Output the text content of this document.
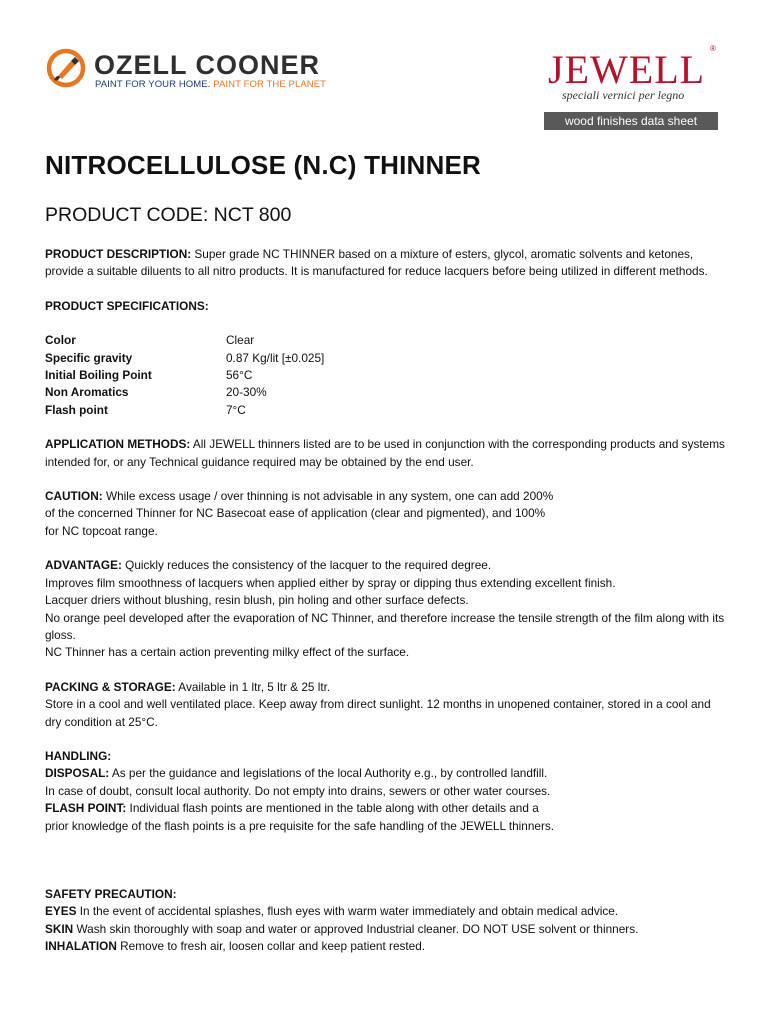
OZELL COONER
PAINT FOR YOUR HOME. PAINT FOR THE PLANET	JEWELL ®
speciali vernici per legno
wood finishes data sheet
NITROCELLULOSE (N.C) THINNER
PRODUCT CODE: NCT 800

PRODUCT DESCRIPTION: Super grade NC THINNER based on a mixture of esters, glycol, aromatic solvents and ketones, provide a suitable diluents to all nitro products. It is manufactured for reduce lacquers before being utilized in different methods.

PRODUCT SPECIFICATIONS:

Color	Clear
Specific gravity	0.87 Kg/lit [±0.025]
Initial Boiling Point	56°C
Non Aromatics	20-30%
Flash point	7°C

APPLICATION METHODS: All JEWELL thinners listed are to be used in conjunction with the corresponding products and systems intended for, or any Technical guidance required may be obtained by the end user.

CAUTION: While excess usage / over thinning is not advisable in any system, one can add 200%

of the concerned Thinner for NC Basecoat ease of application (clear and pigmented), and 100%

for NC topcoat range.

ADVANTAGE: Quickly reduces the consistency of the lacquer to the required degree.

Improves film smoothness of lacquers when applied either by spray or dipping thus extending excellent finish.

Lacquer driers without blushing, resin blush, pin holing and other surface defects.

No orange peel developed after the evaporation of NC Thinner, and therefore increase the tensile strength of the film along with its gloss.

NC Thinner has a certain action preventing milky effect of the surface.

PACKING & STORAGE: Available in 1 ltr, 5 ltr & 25 ltr.

Store in a cool and well ventilated place. Keep away from direct sunlight. 12 months in unopened container, stored in a cool and dry condition at 25°C.

HANDLING:

DISPOSAL: As per the guidance and legislations of the local Authority e.g., by controlled landfill.

In case of doubt, consult local authority. Do not empty into drains, sewers or other water courses.

FLASH POINT: Individual flash points are mentioned in the table along with other details and a

prior knowledge of the flash points is a pre requisite for the safe handling of the JEWELL thinners.

SAFETY PRECAUTION:

EYES In the event of accidental splashes, flush eyes with warm water immediately and obtain medical advice.

SKIN Wash skin thoroughly with soap and water or approved Industrial cleaner. DO NOT USE solvent or thinners.

INHALATION Remove to fresh air, loosen collar and keep patient rested.
